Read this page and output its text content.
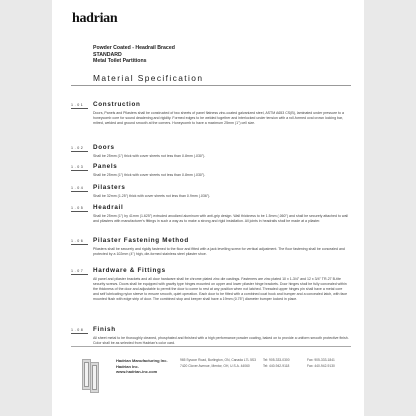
hadrian
Powder Coated - Headrail Braced
STANDARD
Metal Toilet Partitions
Material Specification
1.01 Construction
Doors, Panels and Pilasters shall be constructed of two sheets of panel flatness zinc-coated galvanized steel, ASTM A653 CS(B), laminated under pressure to a honeycomb core for sound deadening and rigidity. Formed edges to be welded together and interlocked under tension with a roll-formed oval crown locking bar, mitred, welded and ground smooth at the corners. Honeycomb to have a maximum 25mm (1") cell size.
1.02 Doors
Shall be 25mm (1") thick with cover sheets not less than 0.8mm (.030").
1.03 Panels
Shall be 25mm (1") thick with cover sheets not less than 0.8mm (.030").
1.04 Pilasters
Shall be 32mm (1.25") thick with cover sheets not less than 0.9mm (.036").
1.05 Headrail
Shall be 25mm (1") by 41mm (1.625") extruded anodized aluminum with anti-grip design. Wall thickness to be 1.5mm (.060") and shall be securely attached to wall and pilasters with manufacturer's fittings in such a way as to make a strong and rigid installation. All joints in headrails shall be made at a pilaster.
1.06 Pilaster Fastening Method
Pilasters shall be securely and rigidly fastened to the floor and fitted with a jack levelling screw for vertical adjustment. The floor fastening shall be concealed and protected by a 102mm (4") high, die-formed stainless steel pilaster shoe.
1.07 Hardware & Fittings
All panel and pilaster brackets and all door hardware shall be chrome plated zinc die castings. Fasteners are zinc plated 10 x 1-3/4" and 12 x 3/4" TR-27 B-tite security screws. Doors shall be equipped with gravity type hinges mounted on upper and lower pilaster hinge brackets. Door hinges shall be fully concealed within the thickness of the door and adjustable to permit the door to come to rest at any position when not latched. Threaded upper hinges pin shall have a metal core and self lubricating nylon sleeve to ensure smooth, quiet operation. Each door to be fitted with a combined coat hook and bumper and a concealed latch, with face mounted flush with edge strip of door. The combined stop and keeper shall have a 19mm (0.75") diameter bumper locked in place.
1.08 Finish
All sheet metal to be thoroughly cleaned, phosphated and finished with a high performance powder coating, baked on to provide a uniform smooth protective finish. Color shall be as selected from Hadrian's color card.
Hadrian Manufacturing Inc.
Hadrian Inc.
www.hadrian-inc.com
965 Syscon Road, Burlington, ON, Canada L7L 5S3
7420 Clover Avenue, Mentor, OH, U.S.A. 44060
Tel: 905-333-0300
Tel: 440-942-9118
Fax: 905-333-1841
Fax: 440-942-9130
